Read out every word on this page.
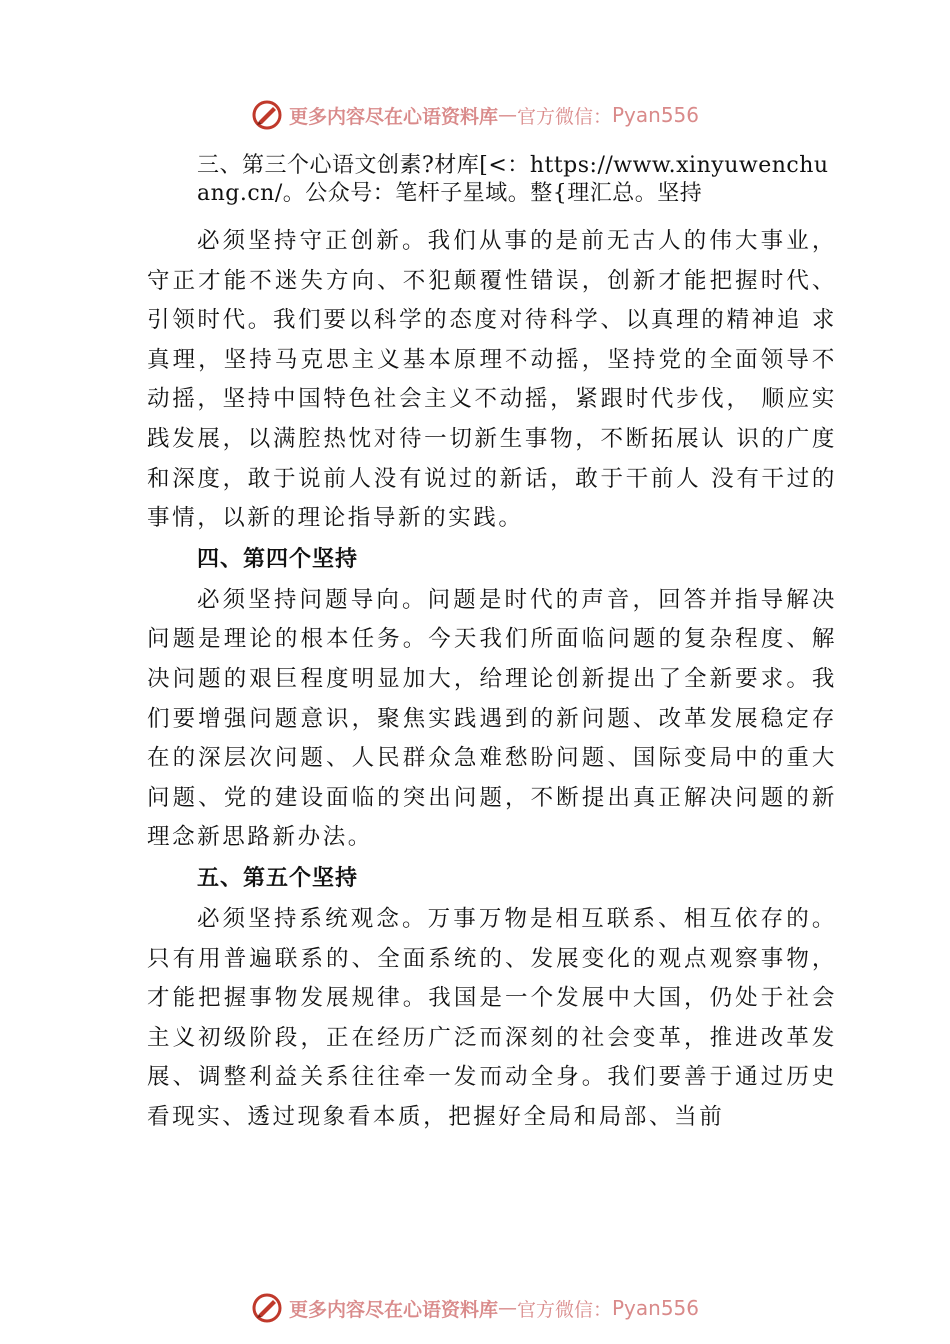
更多内容尽在心语资料库 — 官方微信： Pyan556
三、第三个心语文创素?材库[<：https://www.xinyuwenchuang.cn/。公众号：笔杆子星域。整{理汇总。坚持

必须坚持守正创新。我们从事的是前无古人的伟大事业，守正才能不迷失方向、不犯颠覆性错误，创新才能把握时代、引领时代。我们要以科学的态度对待科学、以真理的精神追 求真理，坚持马克思主义基本原理不动摇，坚持党的全面领导不动摇，坚持中国特色社会主义不动摇，紧跟时代步伐， 顺应实践发展，以满腔热忱对待一切新生事物，不断拓展认 识的广度和深度，敢于说前人没有说过的新话，敢于干前人 没有干过的事情，以新的理论指导新的实践。

四、第四个坚持

必须坚持问题导向。问题是时代的声音，回答并指导解决问题是理论的根本任务。今天我们所面临问题的复杂程度、解决问题的艰巨程度明显加大，给理论创新提出了全新要求。我们要增强问题意识，聚焦实践遇到的新问题、改革发展稳定存在的深层次问题、人民群众急难愁盼问题、国际变局中的重大问题、党的建设面临的突出问题，不断提出真正解决问题的新理念新思路新办法。

五、第五个坚持

必须坚持系统观念。万事万物是相互联系、相互依存的。只有用普遍联系的、全面系统的、发展变化的观点观察事物，才能把握事物发展规律。我国是一个发展中大国，仍处于社会主义初级阶段，正在经历广泛而深刻的社会变革，推进改革发展、调整利益关系往往牵一发而动全身。我们要善于通过历史看现实、透过现象看本质，把握好全局和局部、当前

更多内容尽在心语资料库 — 官方微信： Pyan556
